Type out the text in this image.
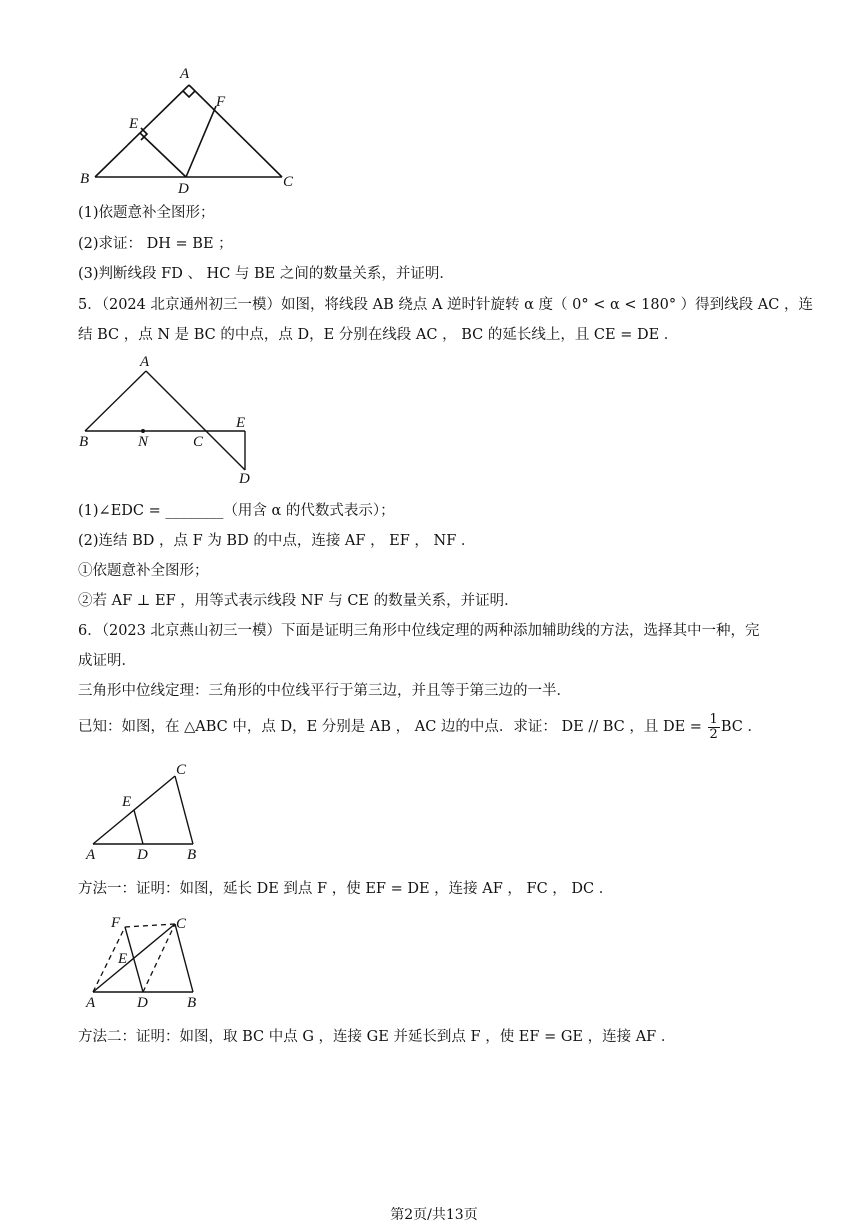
A
F
E
B
D	C
(1)依题意补全图形；
(2)求证： DH = BE ；
(3)判断线段 FD 、 HC 与 BE 之间的数量关系，并证明．
5．（2024 北京通州初三一模）如图，将线段 AB 绕点 A 逆时针旋转 α 度（ 0° < α < 180° ）得到线段 AC ，连
结 BC ，点 N 是 BC 的中点，点 D，E 分别在线段 AC ， BC 的延长线上，且 CE = DE ．
A
E
B	N	C
D
(1)∠EDC = ________（用含 α 的代数式表示）；
(2)连结 BD ，点 F 为 BD 的中点，连接 AF ， EF ， NF ．
①依题意补全图形；
②若 AF ⊥ EF ，用等式表示线段 NF 与 CE 的数量关系，并证明．
6．（2023 北京燕山初三一模）下面是证明三角形中位线定理的两种添加辅助线的方法，选择其中一种，完
成证明．
三角形中位线定理：三角形的中位线平行于第三边，并且等于第三边的一半．
已知：如图，在 △ABC 中，点 D，E 分别是 AB ， AC 边的中点．求证： DE // BC ，且 DE = $\frac{1}{2}$ BC ．
C
E
A	D	B
方法一：证明：如图，延长 DE 到点 F ，使 EF = DE ，连接 AF ， FC ， DC ．
F	C
E
A	D	B
方法二：证明：如图，取 BC 中点 G ，连接 GE 并延长到点 F ，使 EF = GE ，连接 AF ．
第2页/共13页
